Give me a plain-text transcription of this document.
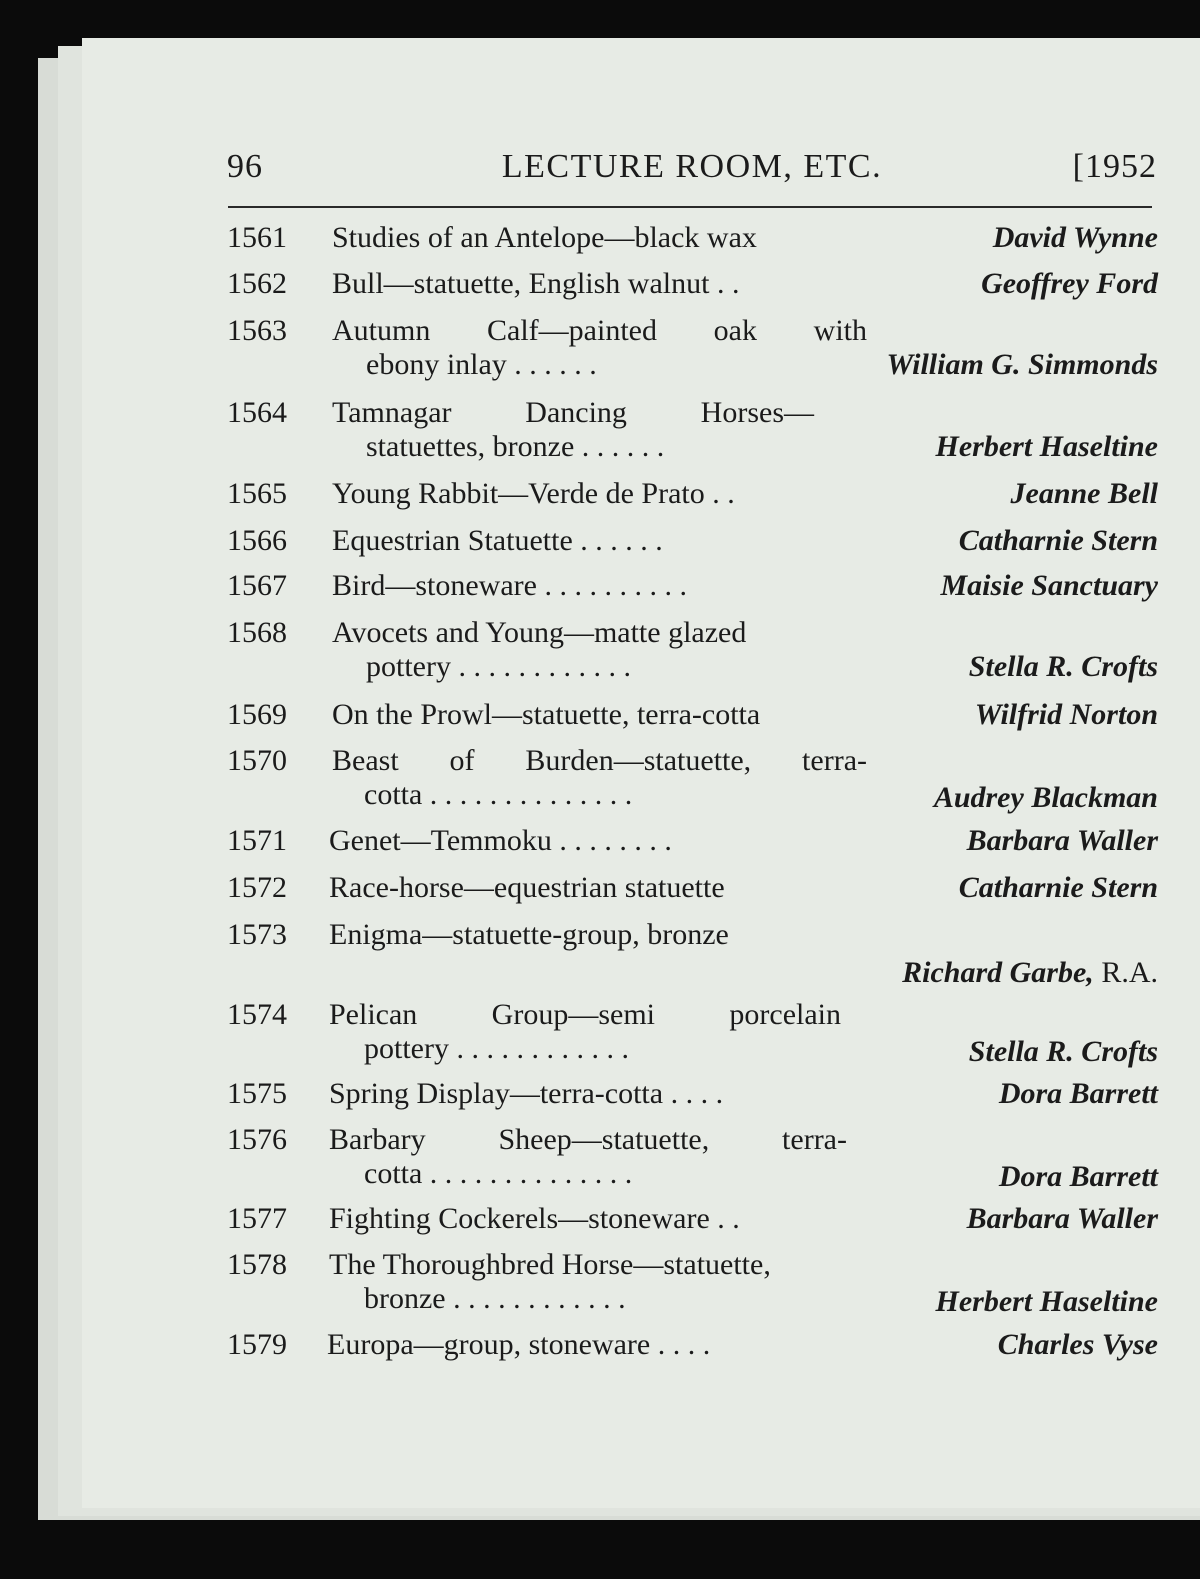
96	LECTURE ROOM, ETC.	[1952
1561 Studies of an Antelope—black wax	David Wynne
1562 Bull—statuette, English walnut . .	Geoffrey Ford
1563 Autumn Calf—painted oak with
ebony inlay . . . . . .	William G. Simmonds
1564 Tamnagar Dancing Horses—
statuettes, bronze . . . . . .	Herbert Haseltine
1565 Young Rabbit—Verde de Prato . .	Jeanne Bell
1566 Equestrian Statuette . . . . . .	Catharnie Stern
1567 Bird—stoneware . . . . . . . . . .	Maisie Sanctuary
1568 Avocets and Young—matte glazed
pottery . . . . . . . . . . . .	Stella R. Crofts
1569 On the Prowl—statuette, terra-cotta	Wilfrid Norton
1570 Beast of Burden—statuette, terra-
cotta . . . . . . . . . . . . . .	Audrey Blackman
1571 Genet—Temmoku . . . . . . . .	Barbara Waller
1572 Race-horse—equestrian statuette	Catharnie Stern
1573 Enigma—statuette-group, bronze
Richard Garbe, R.A.
1574 Pelican Group—semi porcelain
pottery . . . . . . . . . . . .	Stella R. Crofts
1575 Spring Display—terra-cotta . . . .	Dora Barrett
1576 Barbary Sheep—statuette, terra-
cotta . . . . . . . . . . . . . .	Dora Barrett
1577 Fighting Cockerels—stoneware . .	Barbara Waller
1578 The Thoroughbred Horse—statuette,
bronze . . . . . . . . . . . .	Herbert Haseltine
1579 Europa—group, stoneware . . . .	Charles Vyse
